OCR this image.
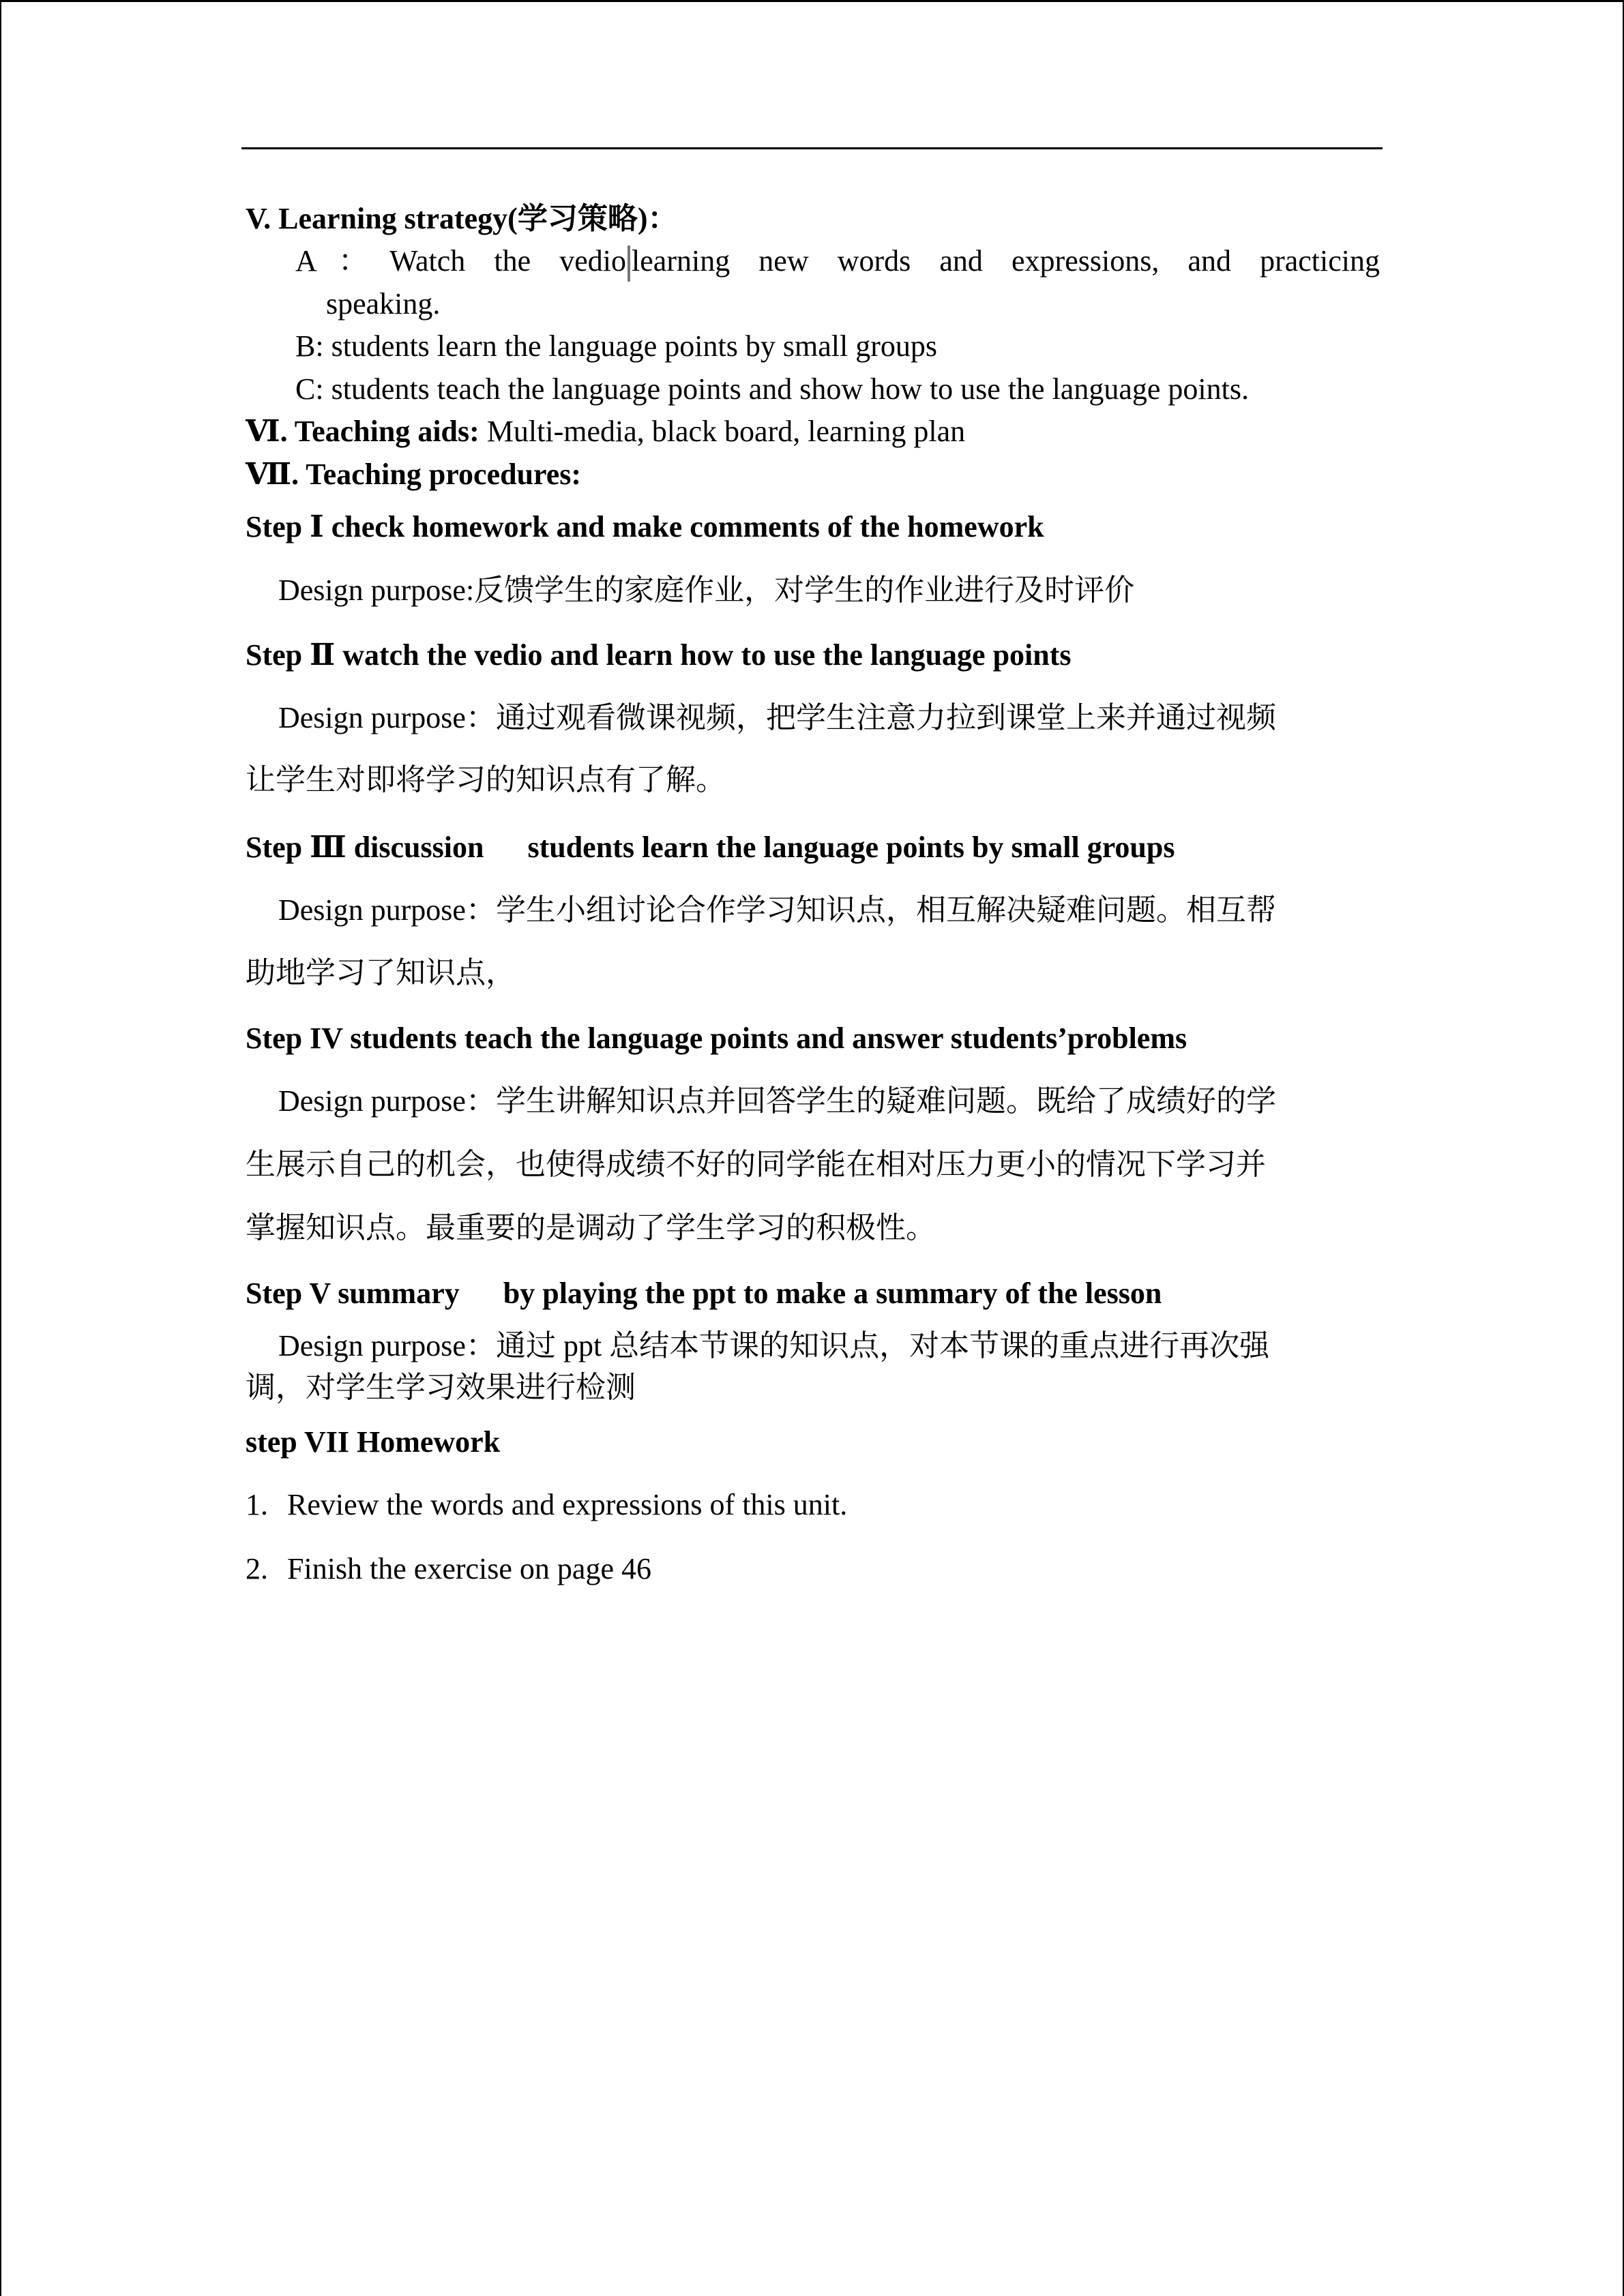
V. Learning strategy(学习策略)：
A：Watch the vedio learning new words and expressions, and practicing
speaking.
B: students learn the language points by small groups
C: students teach the language points and show how to use the language points.
Ⅵ. Teaching aids: Multi-media, black board, learning plan
Ⅶ. Teaching procedures:
Step Ⅰ check homework and make comments of the homework
Design purpose:反馈学生的家庭作业，对学生的作业进行及时评价
Step Ⅱ watch the vedio and learn how to use the language points
Design purpose：通过观看微课视频，把学生注意力拉到课堂上来并通过视频
让学生对即将学习的知识点有了解。
Step Ⅲ discussion students learn the language points by small groups
Design purpose：学生小组讨论合作学习知识点，相互解决疑难问题。相互帮
助地学习了知识点，
Step IV students teach the language points and answer students’problems
Design purpose：学生讲解知识点并回答学生的疑难问题。既给了成绩好的学
生展示自己的机会，也使得成绩不好的同学能在相对压力更小的情况下学习并
掌握知识点。最重要的是调动了学生学习的积极性。
Step V summary by playing the ppt to make a summary of the lesson
Design purpose：通过 ppt 总结本节课的知识点，对本节课的重点进行再次强
调，对学生学习效果进行检测
step VII Homework
1. Review the words and expressions of this unit.
2. Finish the exercise on page 46
